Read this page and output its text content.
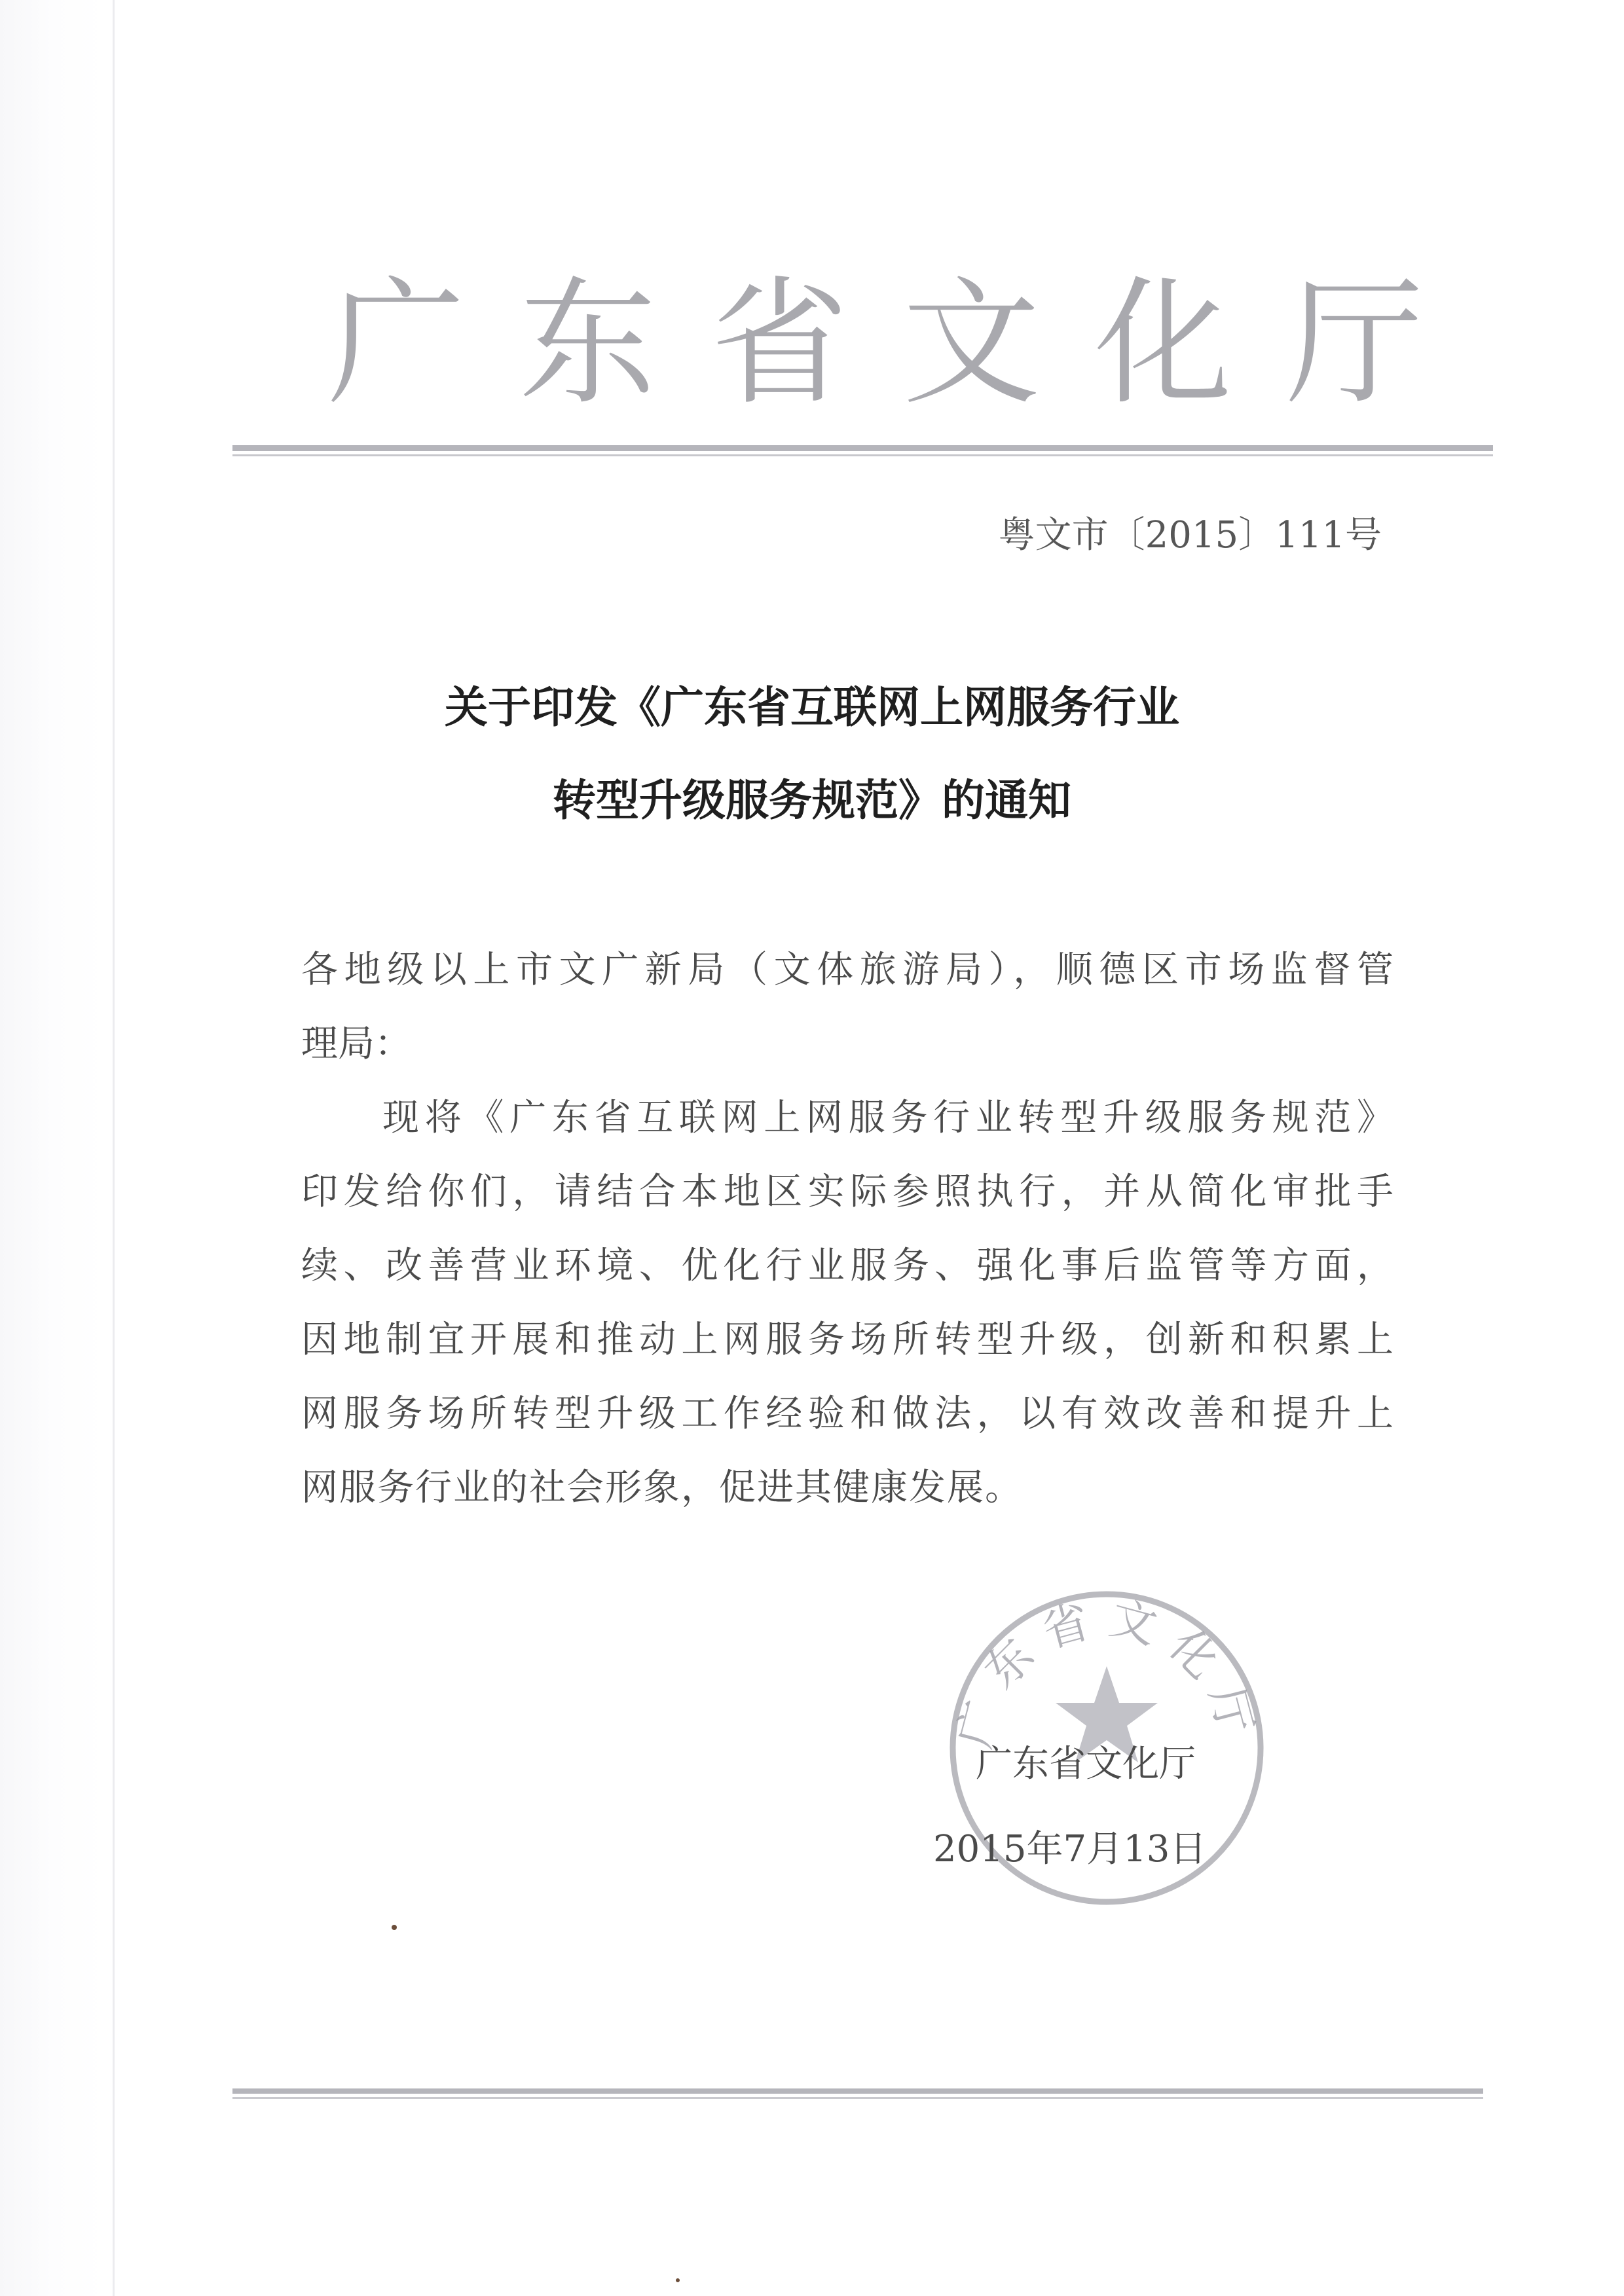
广东省文化厅
粤文市〔2015〕111号
关于印发《广东省互联网上网服务行业
转型升级服务规范》的通知
各地级以上市文广新局（文体旅游局），顺德区市场监督管
理局：
现将《广东省互联网上网服务行业转型升级服务规范》
印发给你们，请结合本地区实际参照执行，并从简化审批手
续、改善营业环境、优化行业服务、强化事后监管等方面，
因地制宜开展和推动上网服务场所转型升级，创新和积累上
网服务场所转型升级工作经验和做法，以有效改善和提升上
网服务行业的社会形象，促进其健康发展。
广东省文化厅
广东省文化厅
2015年7月13日
